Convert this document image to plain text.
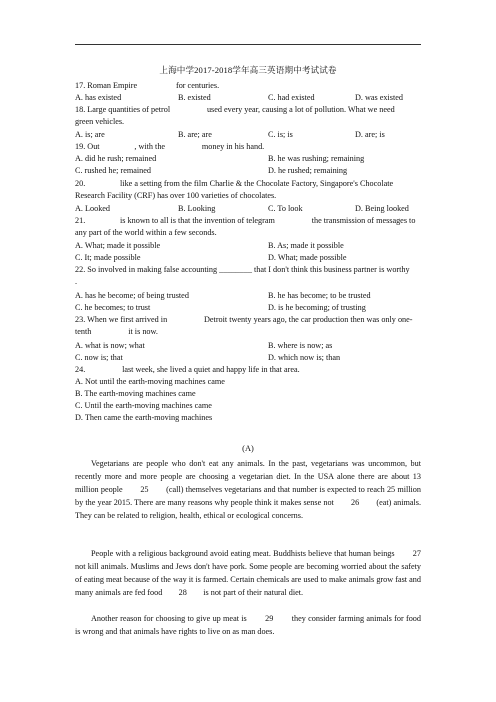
上海中学2017-2018学年高三英语期中考试试卷
17. Roman Empire                   for centuries.
A. has existed	B. existed	C. had existed	D. was existed
18. Large quantities of petrol                  used every year, causing a lot of pollution. What we need                green vehicles.
A. is; are	B. are; are	C. is; is	D. are; is
19. Out                 , with the                  money in his hand.
A. did he rush; remained	B. he was rushing; remaining
C. rushed he; remained	D. he rushed; remaining
20.                 like a setting from the film Charlie & the Chocolate Factory, Singapore's Chocolate Research Facility (CRF) has over 100 varieties of chocolates.
A. Looked	B. Looking	C. To look	D. Being looked
21.                 is known to all is that the invention of telegram                  the transmission of messages to any part of the world within a few seconds.
A. What; made it possible	B. As; made it possible
C. It; made possible	D. What; made possible
22. So involved in making false accounting ________ that I don't think this business partner is worthy                 .
A. has he become; of being trusted	B. he has become; to be trusted
C. he becomes; to trust	D. is he becoming; of trusting
23. When we first arrived in                  Detroit twenty years ago, the car production then was only one-tenth                  it is now.
A. what is now; what	B. where is now; as
C. now is; that	D. which now is; than
24.                  last week, she lived a quiet and happy life in that area.
A. Not until the earth-moving machines came
B. The earth-moving machines came
C. Until the earth-moving machines came
D. Then came the earth-moving machines
(A)
Vegetarians are people who don't eat any animals. In the past, vegetarians was uncommon, but recently more and more people are choosing a vegetarian diet. In the USA alone there are about 13 million people        25        (call) themselves vegetarians and that number is expected to reach 25 million by the year 2015. There are many reasons why people think it makes sense not        26        (eat) animals. They can be related to religion, health, ethical or ecological concerns.
People with a religious background avoid eating meat. Buddhists believe that human beings        27        not kill animals. Muslims and Jews don't have pork. Some people are becoming worried about the safety of eating meat because of the way it is farmed. Certain chemicals are used to make animals grow fast and many animals are fed food        28        is not part of their natural diet.
Another reason for choosing to give up meat is        29        they consider farming animals for food is wrong and that animals have rights to live on as man does.
